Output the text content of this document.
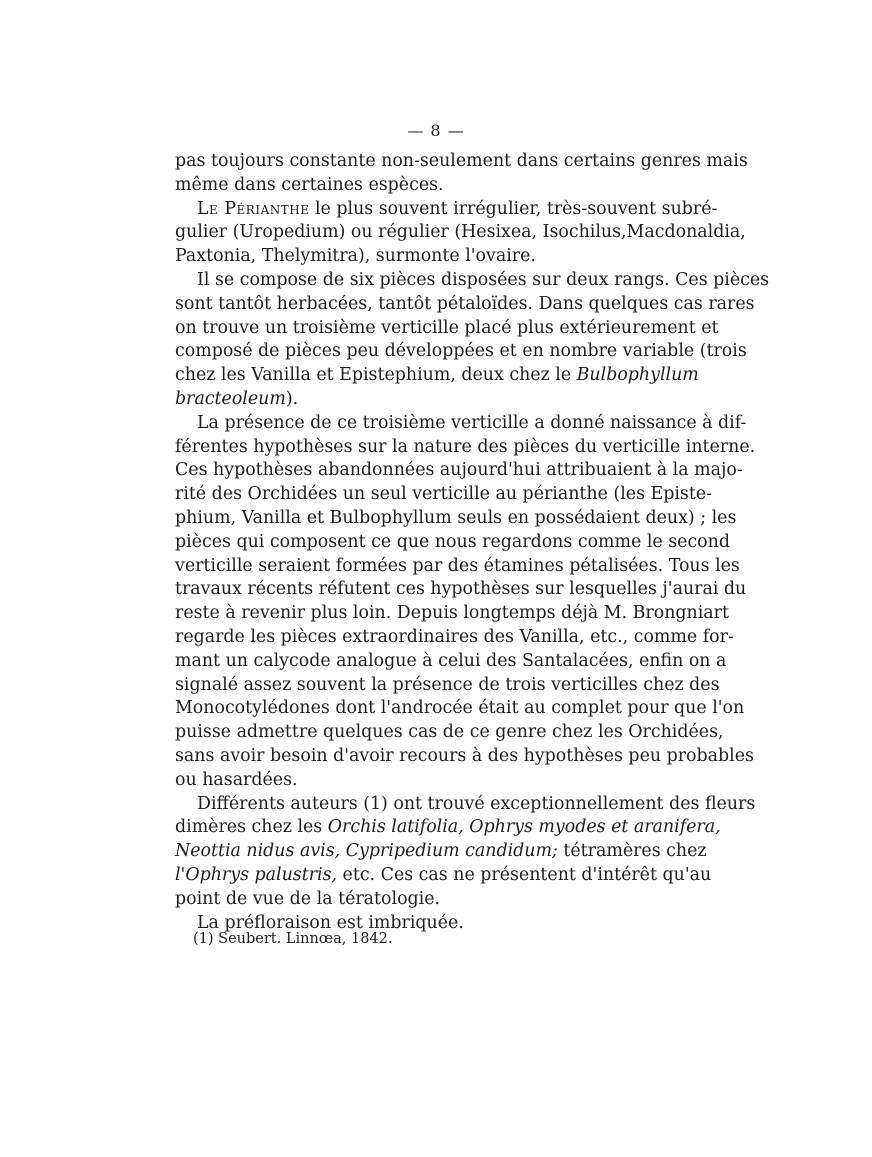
— 8 —
pas toujours constante non-seulement dans certains genres mais
même dans certaines espèces.
Le Périanthe le plus souvent irrégulier, très-souvent subré-
gulier (Uropedium) ou régulier (Hesixea, Isochilus,Macdonaldia,
Paxtonia, Thelymitra), surmonte l'ovaire.
Il se compose de six pièces disposées sur deux rangs. Ces pièces
sont tantôt herbacées, tantôt pétaloïdes. Dans quelques cas rares
on trouve un troisième verticille placé plus extérieurement et
composé de pièces peu développées et en nombre variable (trois
chez les Vanilla et Epistephium, deux chez le Bulbophyllum
bracteoleum).
La présence de ce troisième verticille a donné naissance à dif-
férentes hypothèses sur la nature des pièces du verticille interne.
Ces hypothèses abandonnées aujourd'hui attribuaient à la majo-
rité des Orchidées un seul verticille au périanthe (les Episte-
phium, Vanilla et Bulbophyllum seuls en possédaient deux) ; les
pièces qui composent ce que nous regardons comme le second
verticille seraient formées par des étamines pétalisées. Tous les
travaux récents réfutent ces hypothèses sur lesquelles j'aurai du
reste à revenir plus loin. Depuis longtemps déjà M. Brongniart
regarde les pièces extraordinaires des Vanilla, etc., comme for-
mant un calycode analogue à celui des Santalacées, enfin on a
signalé assez souvent la présence de trois verticilles chez des
Monocotylédones dont l'androcée était au complet pour que l'on
puisse admettre quelques cas de ce genre chez les Orchidées,
sans avoir besoin d'avoir recours à des hypothèses peu probables
ou hasardées.
Différents auteurs (1) ont trouvé exceptionnellement des fleurs
dimères chez les Orchis latifolia, Ophrys myodes et aranifera,
Neottia nidus avis, Cypripedium candidum; tétramères chez
l'Ophrys palustris, etc. Ces cas ne présentent d'intérêt qu'au
point de vue de la tératologie.
La préfloraison est imbriquée.
(1) Seubert. Linnœa, 1842.
